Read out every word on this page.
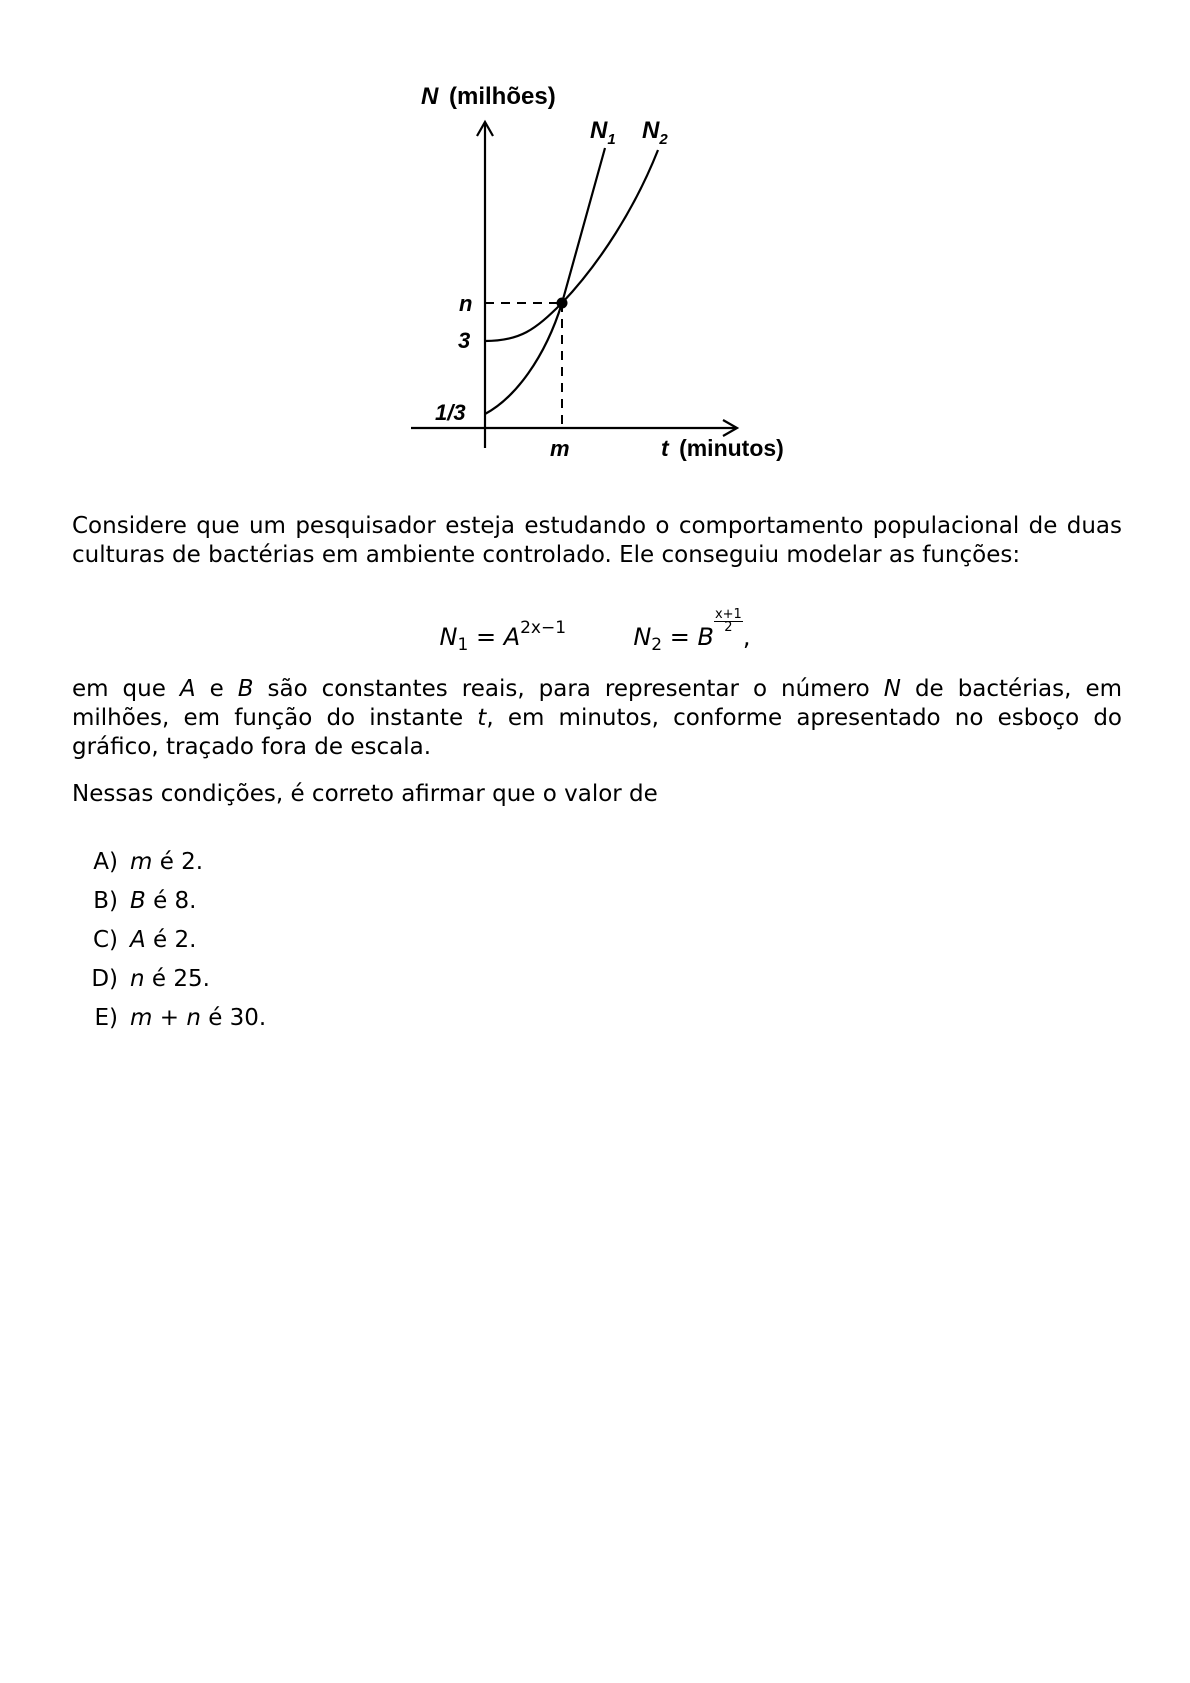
N (milhões)
$N_1$ $N_2$
n
3
1/3
m	t (minutos)

Considere que um pesquisador esteja estudando o comportamento populacional de duas culturas de bactérias em ambiente controlado. Ele conseguiu modelar as funções:

$N_1 = A^{2x-1}$	$N_2 = B$
$\frac{x+1}{2}$
,

em que A e B são constantes reais, para representar o número N de bactérias, em milhões, em função do instante t, em minutos, conforme apresentado no esboço do gráfico, traçado fora de escala.

Nessas condições, é correto afirmar que o valor de

A) m é 2.
B) B é 8.
C) A é 2.
D) n é 25.
E) m + n é 30.
